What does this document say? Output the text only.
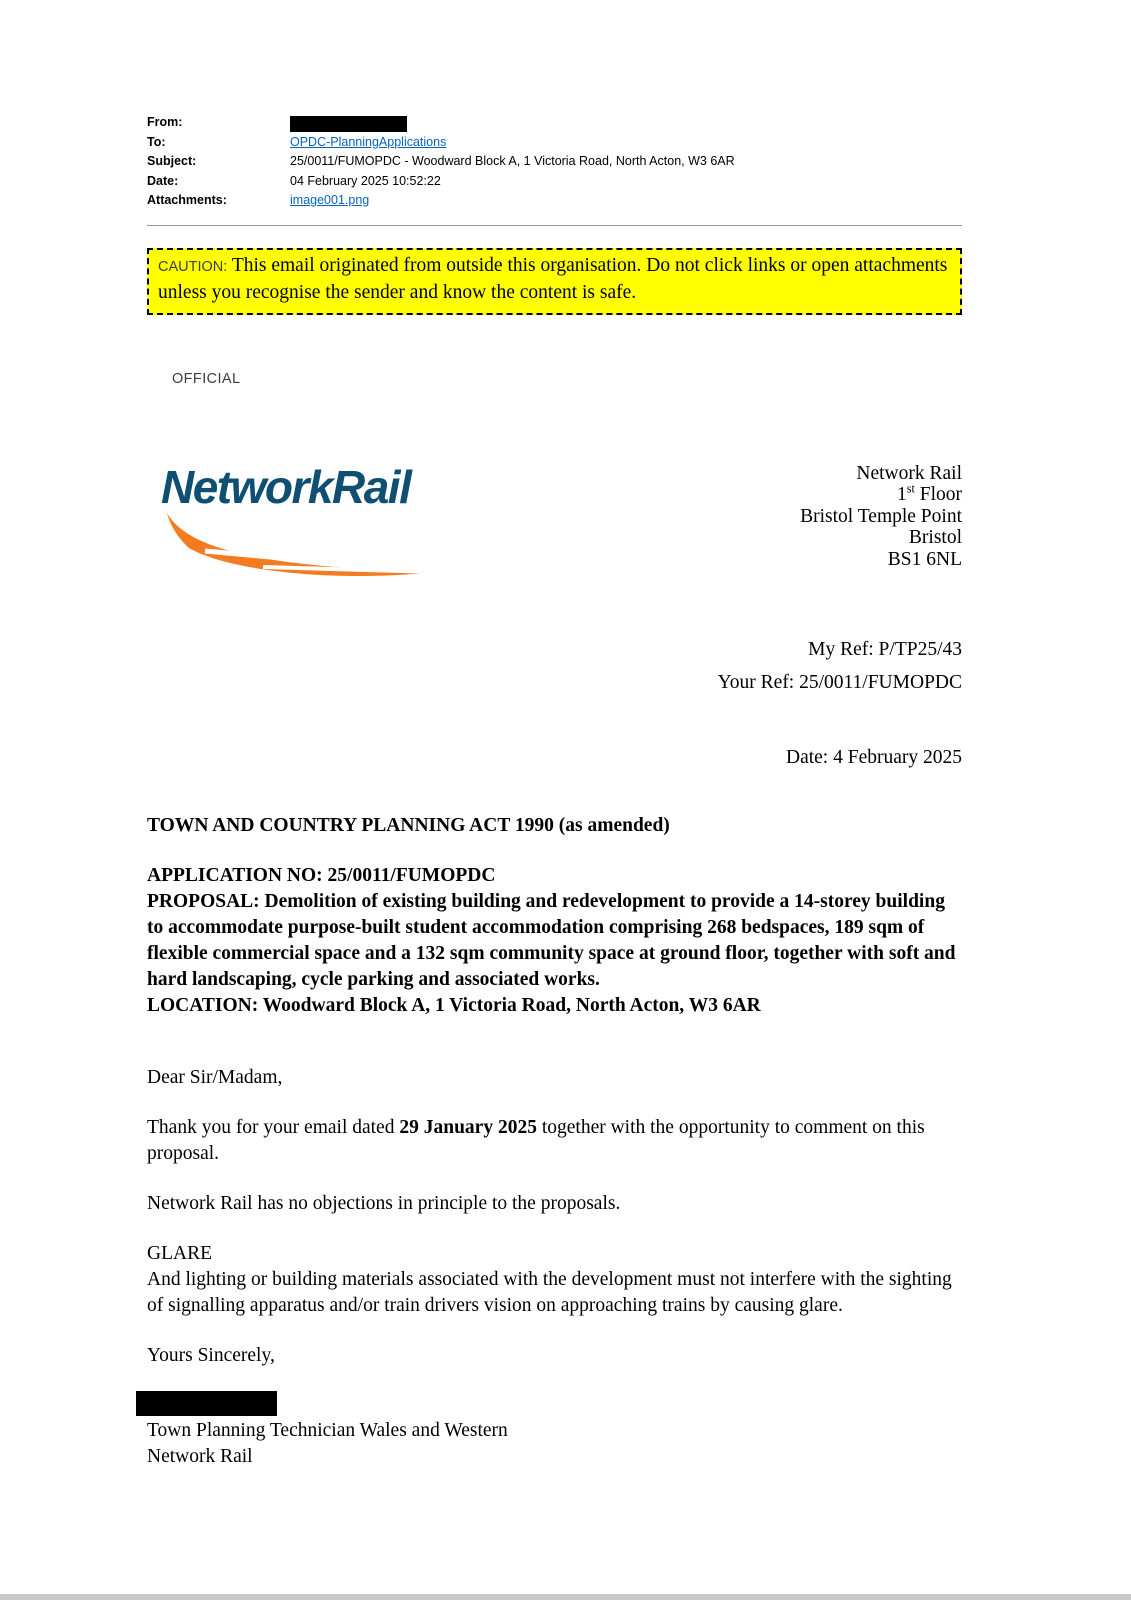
From:
To:	OPDC-PlanningApplications
Subject:	25/0011/FUMOPDC - Woodward Block A, 1 Victoria Road, North Acton, W3 6AR
Date:	04 February 2025 10:52:22
Attachments:	image001.png
CAUTION: This email originated from outside this organisation. Do not click links or open attachments unless you recognise the sender and know the content is safe.
OFFICIAL
NetworkRail	Network Rail
1st Floor
Bristol Temple Point
Bristol
BS1 6NL
My Ref: P/TP25/43
Your Ref: 25/0011/FUMOPDC
Date: 4 February 2025
TOWN AND COUNTRY PLANNING ACT 1990 (as amended)
APPLICATION NO: 25/0011/FUMOPDC
PROPOSAL: Demolition of existing building and redevelopment to provide a 14-storey building to accommodate purpose-built student accommodation comprising 268 bedspaces, 189 sqm of flexible commercial space and a 132 sqm community space at ground floor, together with soft and hard landscaping, cycle parking and associated works.
LOCATION: Woodward Block A, 1 Victoria Road, North Acton, W3 6AR
Dear Sir/Madam,
Thank you for your email dated 29 January 2025 together with the opportunity to comment on this proposal.
Network Rail has no objections in principle to the proposals.
GLARE
And lighting or building materials associated with the development must not interfere with the sighting of signalling apparatus and/or train drivers vision on approaching trains by causing glare.
Yours Sincerely,
Town Planning Technician Wales and Western
Network Rail
